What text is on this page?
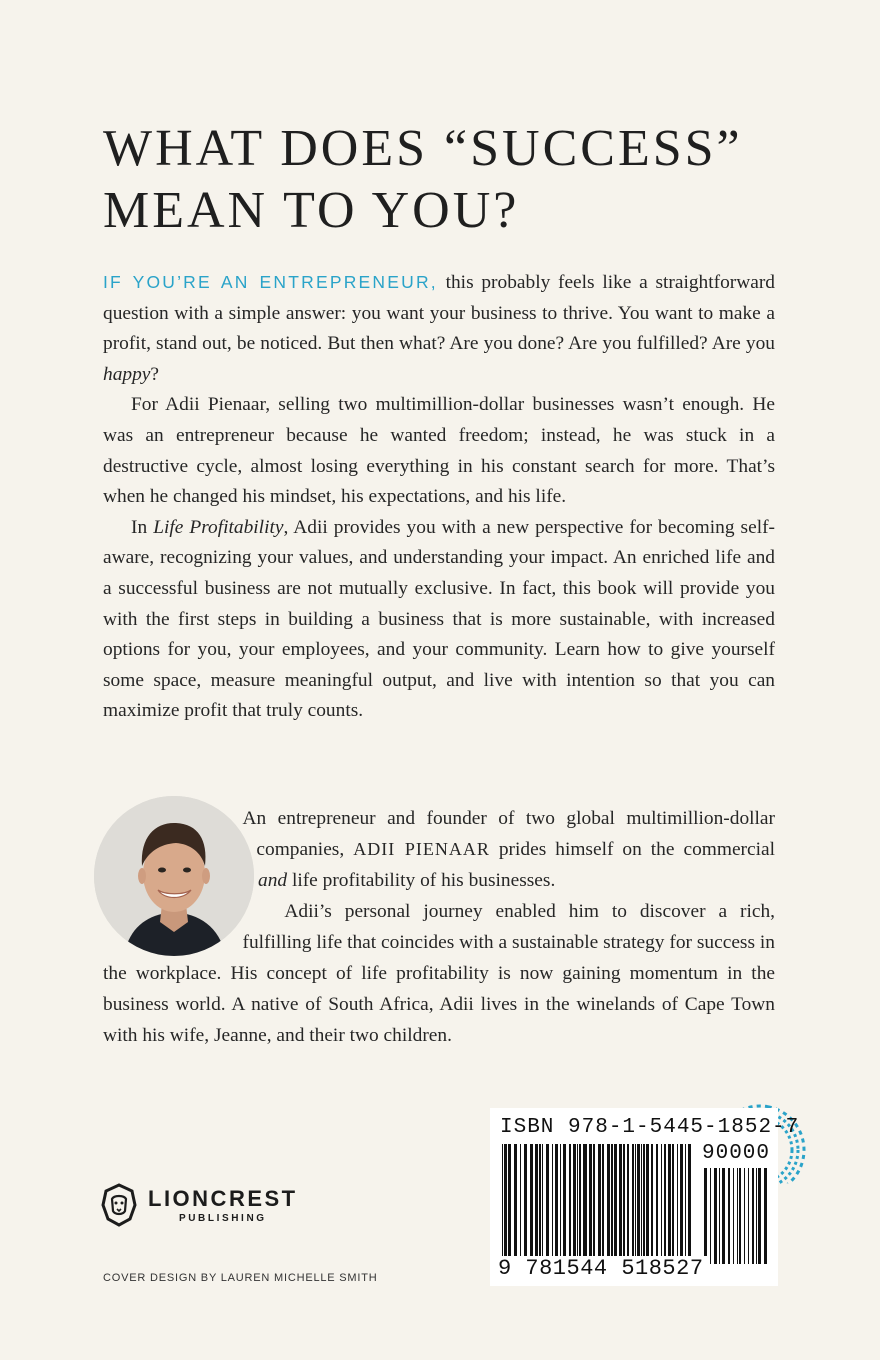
WHAT DOES “SUCCESS”
MEAN TO YOU?

IF YOU’RE AN ENTREPRENEUR, this probably feels like a straightforward question with a simple answer: you want your business to thrive. You want to make a profit, stand out, be noticed. But then what? Are you done? Are you fulfilled? Are you happy?

For Adii Pienaar, selling two multimillion-dollar businesses wasn’t enough. He was an entrepreneur because he wanted freedom; instead, he was stuck in a destructive cycle, almost losing everything in his constant search for more. That’s when he changed his mindset, his expectations, and his life.

In Life Profitability, Adii provides you with a new perspective for becoming self-aware, recognizing your values, and understanding your impact. An enriched life and a successful business are not mutually exclusive. In fact, this book will provide you with the first steps in building a business that is more sustainable, with increased options for you, your employees, and your community. Learn how to give yourself some space, measure meaningful output, and live with intention so that you can maximize profit that truly counts.

An entrepreneur and founder of two global multimillion-dollar companies, ADII PIENAAR prides himself on the commercial and life profitability of his businesses.

Adii’s personal journey enabled him to discover a rich, fulfilling life that coincides with a sustainable strategy for success in the workplace. His concept of life profitability is now gaining momentum in the business world. A native of South Africa, Adii lives in the winelands of Cape Town with his wife, Jeanne, and their two children.

LIONCREST
PUBLISHING
COVER DESIGN BY LAUREN MICHELLE SMITH
ISBN 978-1-5445-1852-7
90000
9 781544 518527
